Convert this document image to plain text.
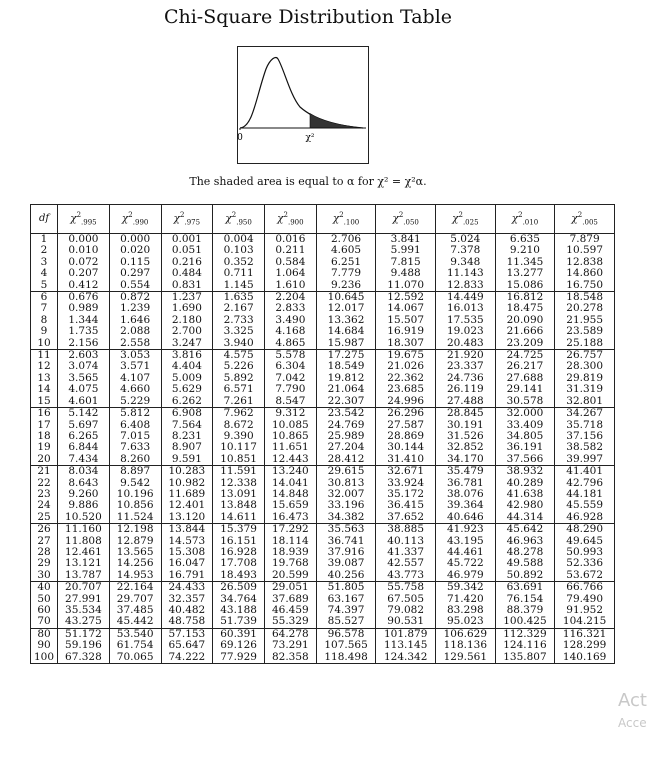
Chi-Square Distribution Table
0	χ²
The shaded area is equal to α for χ² = χ²α.
df	$\chi^2_{.995}$	$\chi^2_{.990}$	$\chi^2_{.975}$	$\chi^2_{.950}$	$\chi^2_{.900}$	$\chi^2_{.100}$	$\chi^2_{.050}$	$\chi^2_{.025}$	$\chi^2_{.010}$	$\chi^2_{.005}$
1	0.000	0.000	0.001	0.004	0.016	2.706	3.841	5.024	6.635	7.879
2	0.010	0.020	0.051	0.103	0.211	4.605	5.991	7.378	9.210	10.597
3	0.072	0.115	0.216	0.352	0.584	6.251	7.815	9.348	11.345	12.838
4	0.207	0.297	0.484	0.711	1.064	7.779	9.488	11.143	13.277	14.860
5	0.412	0.554	0.831	1.145	1.610	9.236	11.070	12.833	15.086	16.750
6	0.676	0.872	1.237	1.635	2.204	10.645	12.592	14.449	16.812	18.548
7	0.989	1.239	1.690	2.167	2.833	12.017	14.067	16.013	18.475	20.278
8	1.344	1.646	2.180	2.733	3.490	13.362	15.507	17.535	20.090	21.955
9	1.735	2.088	2.700	3.325	4.168	14.684	16.919	19.023	21.666	23.589
10	2.156	2.558	3.247	3.940	4.865	15.987	18.307	20.483	23.209	25.188
11	2.603	3.053	3.816	4.575	5.578	17.275	19.675	21.920	24.725	26.757
12	3.074	3.571	4.404	5.226	6.304	18.549	21.026	23.337	26.217	28.300
13	3.565	4.107	5.009	5.892	7.042	19.812	22.362	24.736	27.688	29.819
14	4.075	4.660	5.629	6.571	7.790	21.064	23.685	26.119	29.141	31.319
15	4.601	5.229	6.262	7.261	8.547	22.307	24.996	27.488	30.578	32.801
16	5.142	5.812	6.908	7.962	9.312	23.542	26.296	28.845	32.000	34.267
17	5.697	6.408	7.564	8.672	10.085	24.769	27.587	30.191	33.409	35.718
18	6.265	7.015	8.231	9.390	10.865	25.989	28.869	31.526	34.805	37.156
19	6.844	7.633	8.907	10.117	11.651	27.204	30.144	32.852	36.191	38.582
20	7.434	8.260	9.591	10.851	12.443	28.412	31.410	34.170	37.566	39.997
21	8.034	8.897	10.283	11.591	13.240	29.615	32.671	35.479	38.932	41.401
22	8.643	9.542	10.982	12.338	14.041	30.813	33.924	36.781	40.289	42.796
23	9.260	10.196	11.689	13.091	14.848	32.007	35.172	38.076	41.638	44.181
24	9.886	10.856	12.401	13.848	15.659	33.196	36.415	39.364	42.980	45.559
25	10.520	11.524	13.120	14.611	16.473	34.382	37.652	40.646	44.314	46.928
26	11.160	12.198	13.844	15.379	17.292	35.563	38.885	41.923	45.642	48.290
27	11.808	12.879	14.573	16.151	18.114	36.741	40.113	43.195	46.963	49.645
28	12.461	13.565	15.308	16.928	18.939	37.916	41.337	44.461	48.278	50.993
29	13.121	14.256	16.047	17.708	19.768	39.087	42.557	45.722	49.588	52.336
30	13.787	14.953	16.791	18.493	20.599	40.256	43.773	46.979	50.892	53.672
40	20.707	22.164	24.433	26.509	29.051	51.805	55.758	59.342	63.691	66.766
50	27.991	29.707	32.357	34.764	37.689	63.167	67.505	71.420	76.154	79.490
60	35.534	37.485	40.482	43.188	46.459	74.397	79.082	83.298	88.379	91.952
70	43.275	45.442	48.758	51.739	55.329	85.527	90.531	95.023	100.425	104.215
80	51.172	53.540	57.153	60.391	64.278	96.578	101.879	106.629	112.329	116.321
90	59.196	61.754	65.647	69.126	73.291	107.565	113.145	118.136	124.116	128.299
100	67.328	70.065	74.222	77.929	82.358	118.498	124.342	129.561	135.807	140.169
Act
Acce
